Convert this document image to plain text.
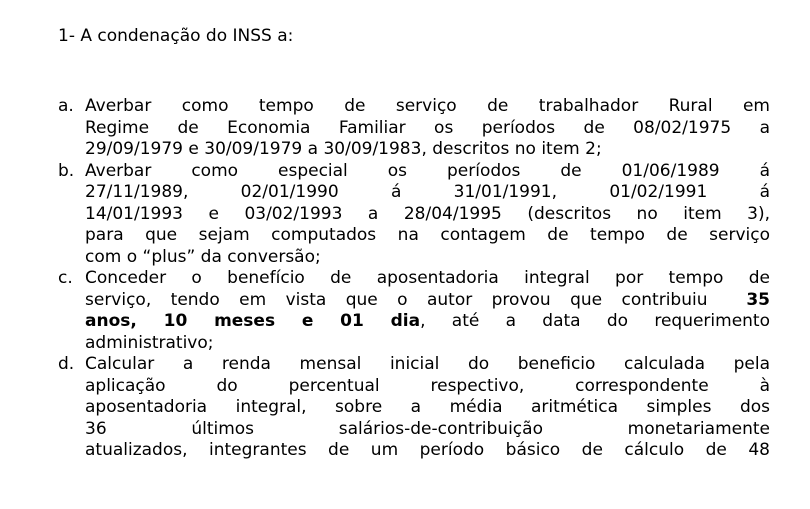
1- A condenação do INSS a:

a. Averbar como tempo de serviço de trabalhador Rural em
Regime de Economia Familiar os períodos de 08/02/1975 a
29/09/1979 e 30/09/1979 a 30/09/1983, descritos no item 2;
b. Averbar como especial os períodos de 01/06/1989 á
27/11/1989, 02/01/1990 á 31/01/1991, 01/02/1991 á
14/01/1993 e 03/02/1993 a 28/04/1995 (descritos no item 3),
para que sejam computados na contagem de tempo de serviço
com o “plus” da conversão;
c. Conceder o benefício de aposentadoria integral por tempo de
serviço, tendo em vista que o autor provou que contribuiu 35
anos, 10 meses e 01 dia, até a data do requerimento
administrativo;
d. Calcular a renda mensal inicial do beneficio calculada pela
aplicação do percentual respectivo, correspondente à
aposentadoria integral, sobre a média aritmética simples dos
36 últimos salários-de-contribuição monetariamente
atualizados, integrantes de um período básico de cálculo de 48
